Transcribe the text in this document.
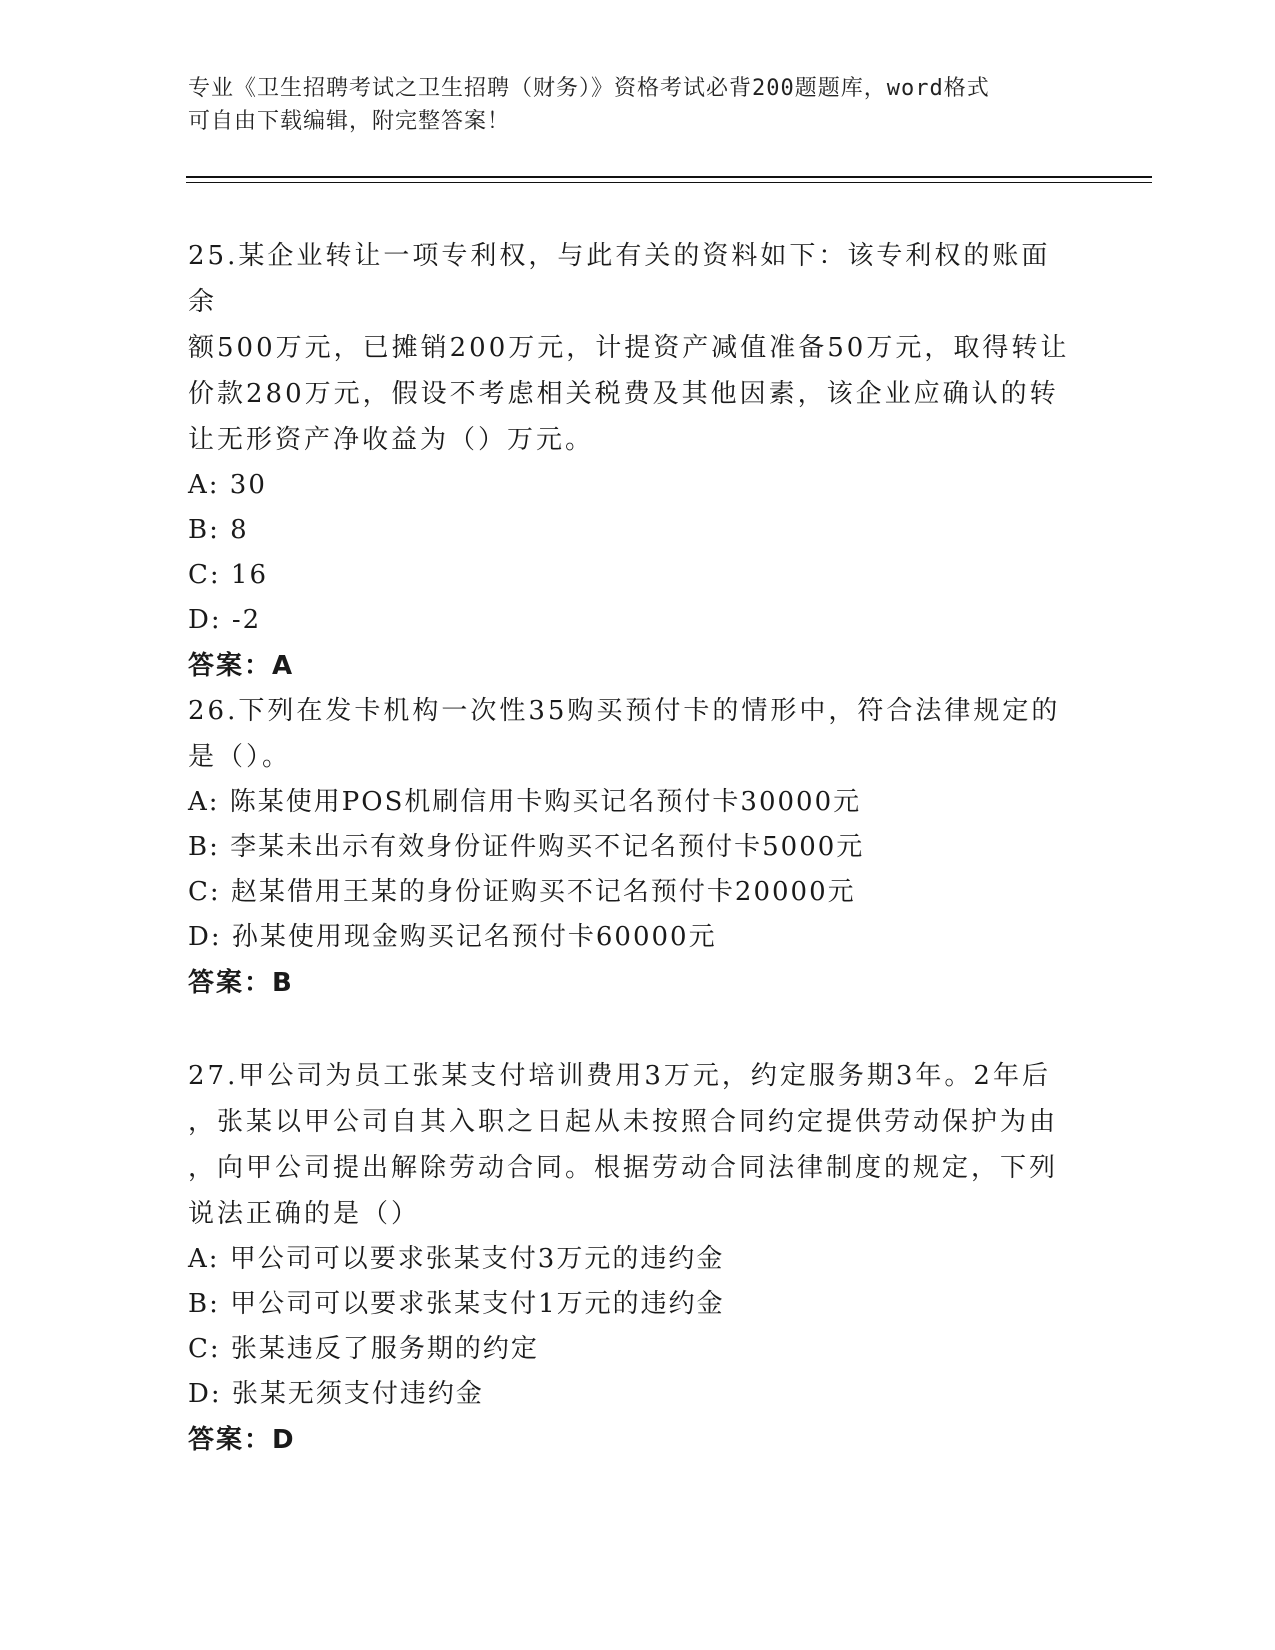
专业《卫生招聘考试之卫生招聘（财务）》资格考试必背200题题库，word格式
可自由下载编辑，附完整答案！

25.某企业转让一项专利权，与此有关的资料如下：该专利权的账面余

额500万元，已摊销200万元，计提资产减值准备50万元，取得转让

价款280万元，假设不考虑相关税费及其他因素，该企业应确认的转

让无形资产净收益为（）万元。

A: 30

B: 8

C: 16

D: -2

答案：A

26.下列在发卡机构一次性35购买预付卡的情形中，符合法律规定的

是（）。

A: 陈某使用POS机刷信用卡购买记名预付卡30000元

B: 李某未出示有效身份证件购买不记名预付卡5000元

C: 赵某借用王某的身份证购买不记名预付卡20000元

D: 孙某使用现金购买记名预付卡60000元

答案：B

27.甲公司为员工张某支付培训费用3万元，约定服务期3年。2年后

，张某以甲公司自其入职之日起从未按照合同约定提供劳动保护为由

，向甲公司提出解除劳动合同。根据劳动合同法律制度的规定，下列

说法正确的是（）

A: 甲公司可以要求张某支付3万元的违约金

B: 甲公司可以要求张某支付1万元的违约金

C: 张某违反了服务期的约定

D: 张某无须支付违约金

答案：D
